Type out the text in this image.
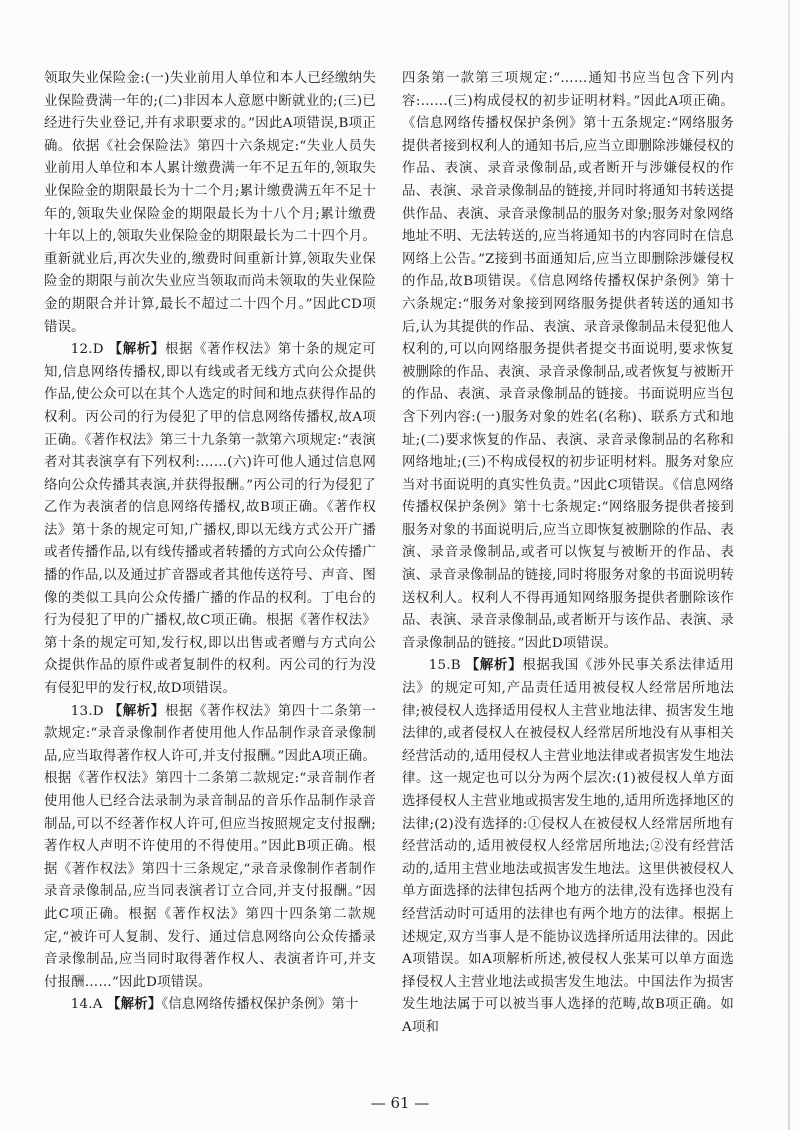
领取失业保险金:(一)失业前用人单位和本人已经缴纳失业保险费满一年的;(二)非因本人意愿中断就业的;(三)已经进行失业登记,并有求职要求的。”因此A项错误,B项正确。依据《社会保险法》第四十六条规定:“失业人员失业前用人单位和本人累计缴费满一年不足五年的,领取失业保险金的期限最长为十二个月;累计缴费满五年不足十年的,领取失业保险金的期限最长为十八个月;累计缴费十年以上的,领取失业保险金的期限最长为二十四个月。重新就业后,再次失业的,缴费时间重新计算,领取失业保险金的期限与前次失业应当领取而尚未领取的失业保险金的期限合并计算,最长不超过二十四个月。”因此CD项错误。

12.D 【解析】根据《著作权法》第十条的规定可知,信息网络传播权,即以有线或者无线方式向公众提供作品,使公众可以在其个人选定的时间和地点获得作品的权利。丙公司的行为侵犯了甲的信息网络传播权,故A项正确。《著作权法》第三十九条第一款第六项规定:“表演者对其表演享有下列权利:……(六)许可他人通过信息网络向公众传播其表演,并获得报酬。”丙公司的行为侵犯了乙作为表演者的信息网络传播权,故B项正确。《著作权法》第十条的规定可知,广播权,即以无线方式公开广播或者传播作品,以有线传播或者转播的方式向公众传播广播的作品,以及通过扩音器或者其他传送符号、声音、图像的类似工具向公众传播广播的作品的权利。丁电台的行为侵犯了甲的广播权,故C项正确。根据《著作权法》第十条的规定可知,发行权,即以出售或者赠与方式向公众提供作品的原件或者复制件的权利。丙公司的行为没有侵犯甲的发行权,故D项错误。

13.D 【解析】根据《著作权法》第四十二条第一款规定:“录音录像制作者使用他人作品制作录音录像制品,应当取得著作权人许可,并支付报酬。”因此A项正确。根据《著作权法》第四十二条第二款规定:“录音制作者使用他人已经合法录制为录音制品的音乐作品制作录音制品,可以不经著作权人许可,但应当按照规定支付报酬;著作权人声明不许使用的不得使用。”因此B项正确。根据《著作权法》第四十三条规定,“录音录像制作者制作录音录像制品,应当同表演者订立合同,并支付报酬。”因此C项正确。根据《著作权法》第四十四条第二款规定,“被许可人复制、发行、通过信息网络向公众传播录音录像制品,应当同时取得著作权人、表演者许可,并支付报酬……”因此D项错误。

14.A 【解析】《信息网络传播权保护条例》第十

四条第一款第三项规定:“……通知书应当包含下列内容:……(三)构成侵权的初步证明材料。”因此A项正确。《信息网络传播权保护条例》第十五条规定:“网络服务提供者接到权利人的通知书后,应当立即删除涉嫌侵权的作品、表演、录音录像制品,或者断开与涉嫌侵权的作品、表演、录音录像制品的链接,并同时将通知书转送提供作品、表演、录音录像制品的服务对象;服务对象网络地址不明、无法转送的,应当将通知书的内容同时在信息网络上公告。”Z接到书面通知后,应当立即删除涉嫌侵权的作品,故B项错误。《信息网络传播权保护条例》第十六条规定:“服务对象接到网络服务提供者转送的通知书后,认为其提供的作品、表演、录音录像制品未侵犯他人权利的,可以向网络服务提供者提交书面说明,要求恢复被删除的作品、表演、录音录像制品,或者恢复与被断开的作品、表演、录音录像制品的链接。书面说明应当包含下列内容:(一)服务对象的姓名(名称)、联系方式和地址;(二)要求恢复的作品、表演、录音录像制品的名称和网络地址;(三)不构成侵权的初步证明材料。服务对象应当对书面说明的真实性负责。”因此C项错误。《信息网络传播权保护条例》第十七条规定:“网络服务提供者接到服务对象的书面说明后,应当立即恢复被删除的作品、表演、录音录像制品,或者可以恢复与被断开的作品、表演、录音录像制品的链接,同时将服务对象的书面说明转送权利人。权利人不得再通知网络服务提供者删除该作品、表演、录音录像制品,或者断开与该作品、表演、录音录像制品的链接。”因此D项错误。

15.B 【解析】根据我国《涉外民事关系法律适用法》的规定可知,产品责任适用被侵权人经常居所地法律;被侵权人选择适用侵权人主营业地法律、损害发生地法律的,或者侵权人在被侵权人经常居所地没有从事相关经营活动的,适用侵权人主营业地法律或者损害发生地法律。这一规定也可以分为两个层次:(1)被侵权人单方面选择侵权人主营业地或损害发生地的,适用所选择地区的法律;(2)没有选择的:①侵权人在被侵权人经常居所地有经营活动的,适用被侵权人经常居所地法;②没有经营活动的,适用主营业地法或损害发生地法。这里供被侵权人单方面选择的法律包括两个地方的法律,没有选择也没有经营活动时可适用的法律也有两个地方的法律。根据上述规定,双方当事人是不能协议选择所适用法律的。因此A项错误。如A项解析所述,被侵权人张某可以单方面选择侵权人主营业地法或损害发生地法。中国法作为损害发生地法属于可以被当事人选择的范畴,故B项正确。如A项和

— 61 —
